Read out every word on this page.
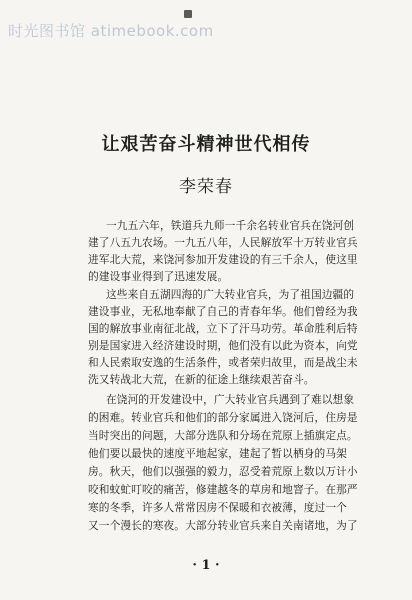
时光图书馆 atimebook.com
让艰苦奋斗精神世代相传
李荣春
一九五六年，铁道兵九师一千余名转业官兵在饶河创
建了八五九农场。一九五八年，人民解放军十万转业官兵
进军北大荒，来饶河参加开发建设的有三千余人，使这里
的建设事业得到了迅速发展。
这些来自五湖四海的广大转业官兵，为了祖国边疆的
建设事业，无私地奉献了自己的青春年华。他们曾经为我
国的解放事业南征北战，立下了汗马功劳。革命胜利后特
别是国家进入经济建设时期，他们没有以此为资本，向党
和人民索取安逸的生活条件，或者荣归故里，而是战尘未
洗又转战北大荒，在新的征途上继续艰苦奋斗。
在饶河的开发建设中，广大转业官兵遇到了难以想象
的困难。转业官兵和他们的部分家属进入饶河后，住房是
当时突出的问题，大部分选队和分场在荒原上插旗定点。
他们要以最快的速度平地起家，建起了暂以栖身的马架
房。秋天，他们以强强的毅力，忍受着荒原上数以万计小
咬和蚊虻叮咬的痛苦，修建越冬的草房和地窨子。在那严
寒的冬季，许多人常常因房不保暖和衣被薄，度过一个
又一个漫长的寒夜。大部分转业官兵来自关南诸地，为了
· 1 ·
